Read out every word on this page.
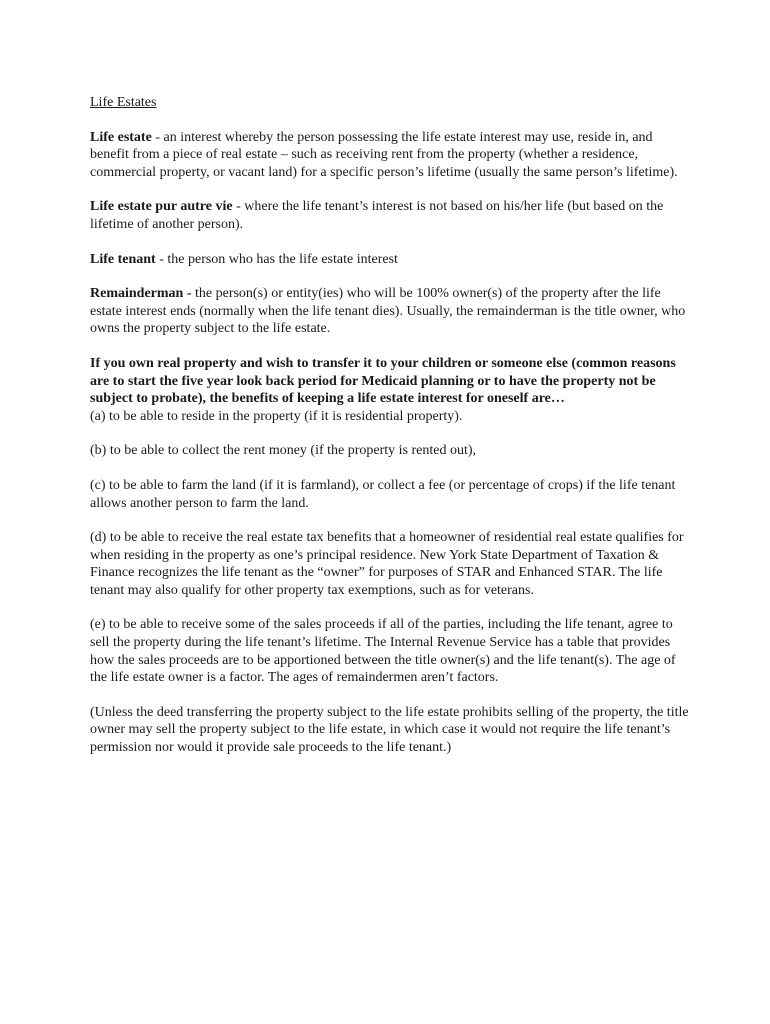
Life Estates

Life estate - an interest whereby the person possessing the life estate interest may use, reside in, and benefit from a piece of real estate – such as receiving rent from the property (whether a residence, commercial property, or vacant land) for a specific person’s lifetime (usually the same person’s lifetime).

Life estate pur autre vie - where the life tenant’s interest is not based on his/her life (but based on the lifetime of another person).

Life tenant - the person who has the life estate interest

Remainderman - the person(s) or entity(ies) who will be 100% owner(s) of the property after the life estate interest ends (normally when the life tenant dies). Usually, the remainderman is the title owner, who owns the property subject to the life estate.

If you own real property and wish to transfer it to your children or someone else (common reasons are to start the five year look back period for Medicaid planning or to have the property not be subject to probate), the benefits of keeping a life estate interest for oneself are…

(a) to be able to reside in the property (if it is residential property).

(b) to be able to collect the rent money (if the property is rented out),

(c) to be able to farm the land (if it is farmland), or collect a fee (or percentage of crops) if the life tenant allows another person to farm the land.

(d) to be able to receive the real estate tax benefits that a homeowner of residential real estate qualifies for when residing in the property as one’s principal residence. New York State Department of Taxation & Finance recognizes the life tenant as the “owner” for purposes of STAR and Enhanced STAR. The life tenant may also qualify for other property tax exemptions, such as for veterans.

(e) to be able to receive some of the sales proceeds if all of the parties, including the life tenant, agree to sell the property during the life tenant’s lifetime. The Internal Revenue Service has a table that provides how the sales proceeds are to be apportioned between the title owner(s) and the life tenant(s). The age of the life estate owner is a factor. The ages of remaindermen aren’t factors.

(Unless the deed transferring the property subject to the life estate prohibits selling of the property, the title owner may sell the property subject to the life estate, in which case it would not require the life tenant’s permission nor would it provide sale proceeds to the life tenant.)
